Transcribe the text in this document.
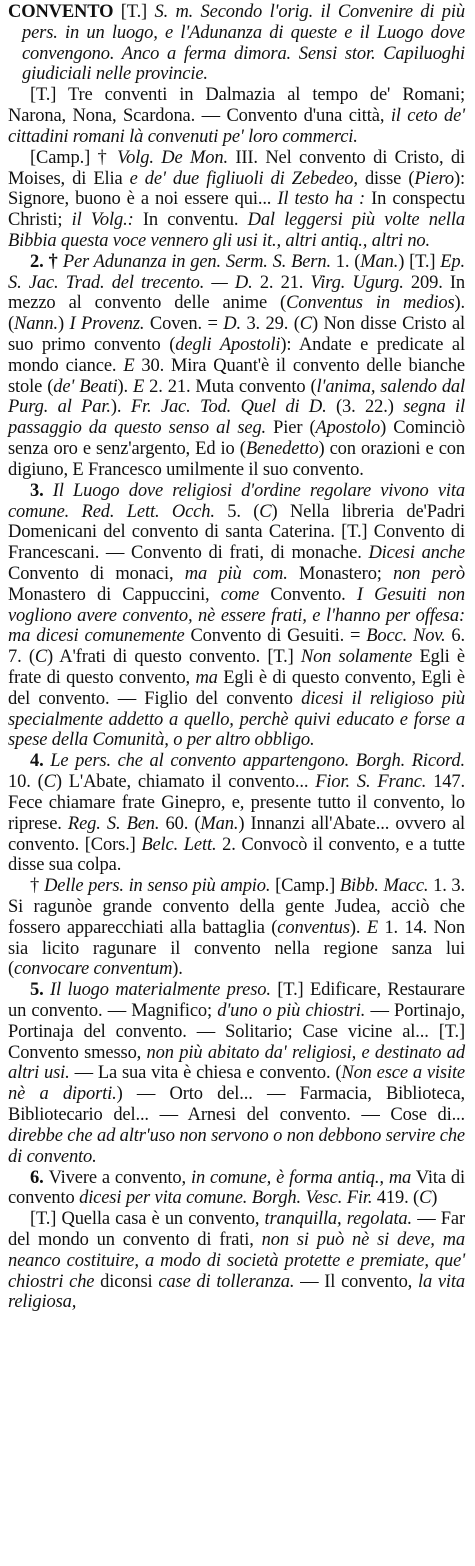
CONVENTO [T.] S. m. Secondo l'orig. il Convenire di più pers. in un luogo, e l'Adunanza di queste e il Luogo dove convengono. Anco a ferma dimora. Sensi stor. Capiluoghi giudiciali nelle provincie.

[T.] Tre conventi in Dalmazia al tempo de' Romani; Narona, Nona, Scardona. — Convento d'una città, il ceto de' cittadini romani là convenuti pe' loro commerci.

[Camp.] † Volg. De Mon. III. Nel convento di Cristo, di Moises, di Elia e de' due figliuoli di Zebedeo, disse (Piero): Signore, buono è a noi essere qui... Il testo ha : In conspectu Christi; il Volg.: In conventu. Dal leggersi più volte nella Bibbia questa voce vennero gli usi it., altri antiq., altri no.

2. † Per Adunanza in gen. Serm. S. Bern. 1. (Man.) [T.] Ep. S. Jac. Trad. del trecento. — D. 2. 21. Virg. Ugurg. 209. In mezzo al convento delle anime (Conventus in medios). (Nann.) I Provenz. Coven. = D. 3. 29. (C) Non disse Cristo al suo primo convento (degli Apostoli): Andate e predicate al mondo ciance. E 30. Mira Quant'è il convento delle bianche stole (de' Beati). E 2. 21. Muta convento (l'anima, salendo dal Purg. al Par.). Fr. Jac. Tod. Quel di D. (3. 22.) segna il passaggio da questo senso al seg. Pier (Apostolo) Cominciò senza oro e senz'argento, Ed io (Benedetto) con orazioni e con digiuno, E Francesco umilmente il suo convento.

3. Il Luogo dove religiosi d'ordine regolare vivono vita comune. Red. Lett. Occh. 5. (C) Nella libreria de'Padri Domenicani del convento di santa Caterina. [T.] Convento di Francescani. — Convento di frati, di monache. Dicesi anche Convento di monaci, ma più com. Monastero; non però Monastero di Cappuccini, come Convento. I Gesuiti non vogliono avere convento, nè essere frati, e l'hanno per offesa: ma dicesi comunemente Convento di Gesuiti. = Bocc. Nov. 6. 7. (C) A'frati di questo convento. [T.] Non solamente Egli è frate di questo convento, ma Egli è di questo convento, Egli è del convento. — Figlio del convento dicesi il religioso più specialmente addetto a quello, perchè quivi educato e forse a spese della Comunità, o per altro obbligo.

4. Le pers. che al convento appartengono. Borgh. Ricord. 10. (C) L'Abate, chiamato il convento... Fior. S. Franc. 147. Fece chiamare frate Ginepro, e, presente tutto il convento, lo riprese. Reg. S. Ben. 60. (Man.) Innanzi all'Abate... ovvero al convento. [Cors.] Belc. Lett. 2. Convocò il convento, e a tutte disse sua colpa.

† Delle pers. in senso più ampio. [Camp.] Bibb. Macc. 1. 3. Si ragunòe grande convento della gente Judea, acciò che fossero apparecchiati alla battaglia (conventus). E 1. 14. Non sia licito ragunare il convento nella regione sanza lui (convocare conventum).

5. Il luogo materialmente preso. [T.] Edificare, Restaurare un convento. — Magnifico; d'uno o più chiostri. — Portinajo, Portinaja del convento. — Solitario; Case vicine al... [T.] Convento smesso, non più abitato da' religiosi, e destinato ad altri usi. — La sua vita è chiesa e convento. (Non esce a visite nè a diporti.) — Orto del... — Farmacia, Biblioteca, Bibliotecario del... — Arnesi del convento. — Cose di... direbbe che ad altr'uso non servono o non debbono servire che di convento.

6. Vivere a convento, in comune, è forma antiq., ma Vita di convento dicesi per vita comune. Borgh. Vesc. Fir. 419. (C)

[T.] Quella casa è un convento, tranquilla, regolata. — Far del mondo un convento di frati, non si può nè si deve, ma neanco costituire, a modo di società protette e premiate, que' chiostri che diconsi case di tolleranza. — Il convento, la vita religiosa,
